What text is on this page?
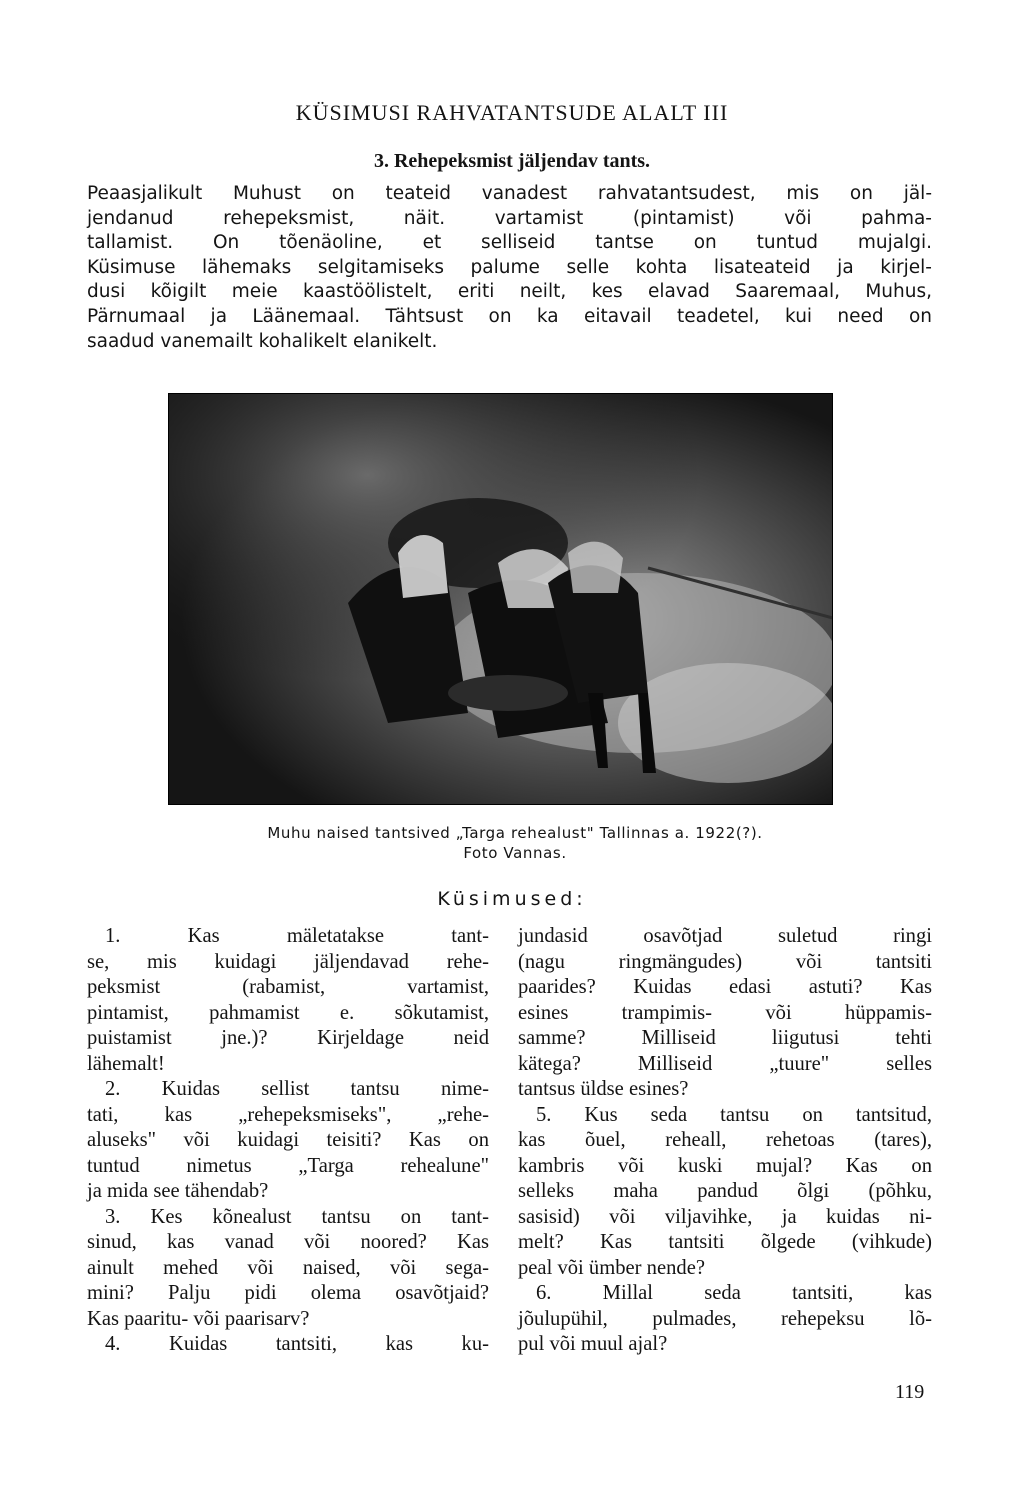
KÜSIMUSI RAHVATANTSUDE ALALT III
3. Rehepeksmist jäljendav tants.
Peaasjalikult Muhust on teateid vanadest rahvatantsudest, mis on jäl-
jendanud rehepeksmist, näit. vartamist (pintamist) või pahma-
tallamist. On tõenäoline, et selliseid tantse on tuntud mujalgi.
Küsimuse lähemaks selgitamiseks palume selle kohta lisateateid ja kirjel-
dusi kõigilt meie kaastöölistelt, eriti neilt, kes elavad Saaremaal, Muhus,
Pärnumaal ja Läänemaal. Tähtsust on ka eitavail teadetel, kui need on
saadud vanemailt kohalikelt elanikelt.
Muhu naised tantsived „Targa rehealust" Tallinnas a. 1922(?).
Foto Vannas.
Küsimused:
1. Kas mäletatakse tant-
se, mis kuidagi jäljendavad rehe-
peksmist (rabamist, vartamist,
pintamist, pahmamist e. sõkutamist,
puistamist jne.)? Kirjeldage neid
lähemalt!
2. Kuidas sellist tantsu nime-
tati, kas „rehepeksmiseks", „rehe-
aluseks" või kuidagi teisiti? Kas on
tuntud nimetus „Targa rehealune"
ja mida see tähendab?
3. Kes kõnealust tantsu on tant-
sinud, kas vanad või noored? Kas
ainult mehed või naised, või sega-
mini? Palju pidi olema osavõtjaid?
Kas paaritu- või paarisarv?
4. Kuidas tantsiti, kas ku-
jundasid osavõtjad suletud ringi
(nagu ringmängudes) või tantsiti
paarides? Kuidas edasi astuti? Kas
esines trampimis- või hüppamis-
samme? Milliseid liigutusi tehti
kätega? Milliseid „tuure" selles
tantsus üldse esines?
5. Kus seda tantsu on tantsitud,
kas õuel, reheall, rehetoas (tares),
kambris või kuski mujal? Kas on
selleks maha pandud õlgi (põhku,
sasisid) või viljavihke, ja kuidas ni-
melt? Kas tantsiti õlgede (vihkude)
peal või ümber nende?
6. Millal seda tantsiti, kas
jõulupühil, pulmades, rehepeksu lõ-
pul või muul ajal?
119
